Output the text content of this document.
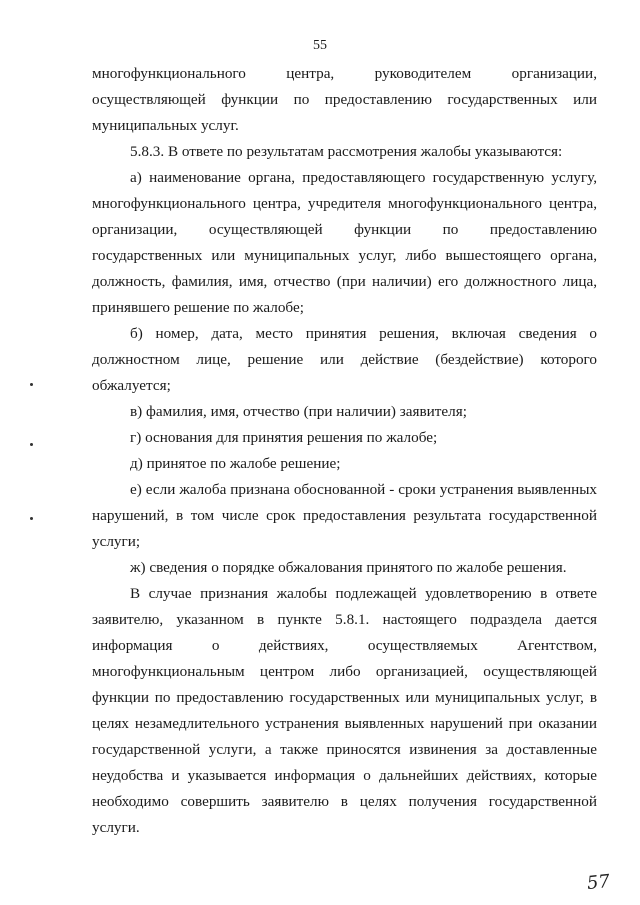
55
многофункционального центра, руководителем организации,
осуществляющей функции по предоставлению государственных или
муниципальных услуг.
5.8.3. В ответе по результатам рассмотрения жалобы указываются:
а) наименование органа, предоставляющего государственную услугу,
многофункционального центра, учредителя многофункционального центра,
организации, осуществляющей функции по предоставлению
государственных или муниципальных услуг, либо вышестоящего органа,
должность, фамилия, имя, отчество (при наличии) его должностного лица,
принявшего решение по жалобе;
б) номер, дата, место принятия решения, включая сведения о
должностном лице, решение или действие (бездействие) которого
обжалуется;
в) фамилия, имя, отчество (при наличии) заявителя;
г) основания для принятия решения по жалобе;
д) принятое по жалобе решение;
е) если жалоба признана обоснованной - сроки устранения выявленных
нарушений, в том числе срок предоставления результата государственной
услуги;
ж) сведения о порядке обжалования принятого по жалобе решения.
В случае признания жалобы подлежащей удовлетворению в ответе
заявителю, указанном в пункте 5.8.1. настоящего подраздела дается
информация о действиях, осуществляемых Агентством,
многофункциональным центром либо организацией, осуществляющей
функции по предоставлению государственных или муниципальных услуг, в
целях незамедлительного устранения выявленных нарушений при оказании
государственной услуги, а также приносятся извинения за доставленные
неудобства и указывается информация о дальнейших действиях, которые
необходимо совершить заявителю в целях получения государственной
услуги.
57
